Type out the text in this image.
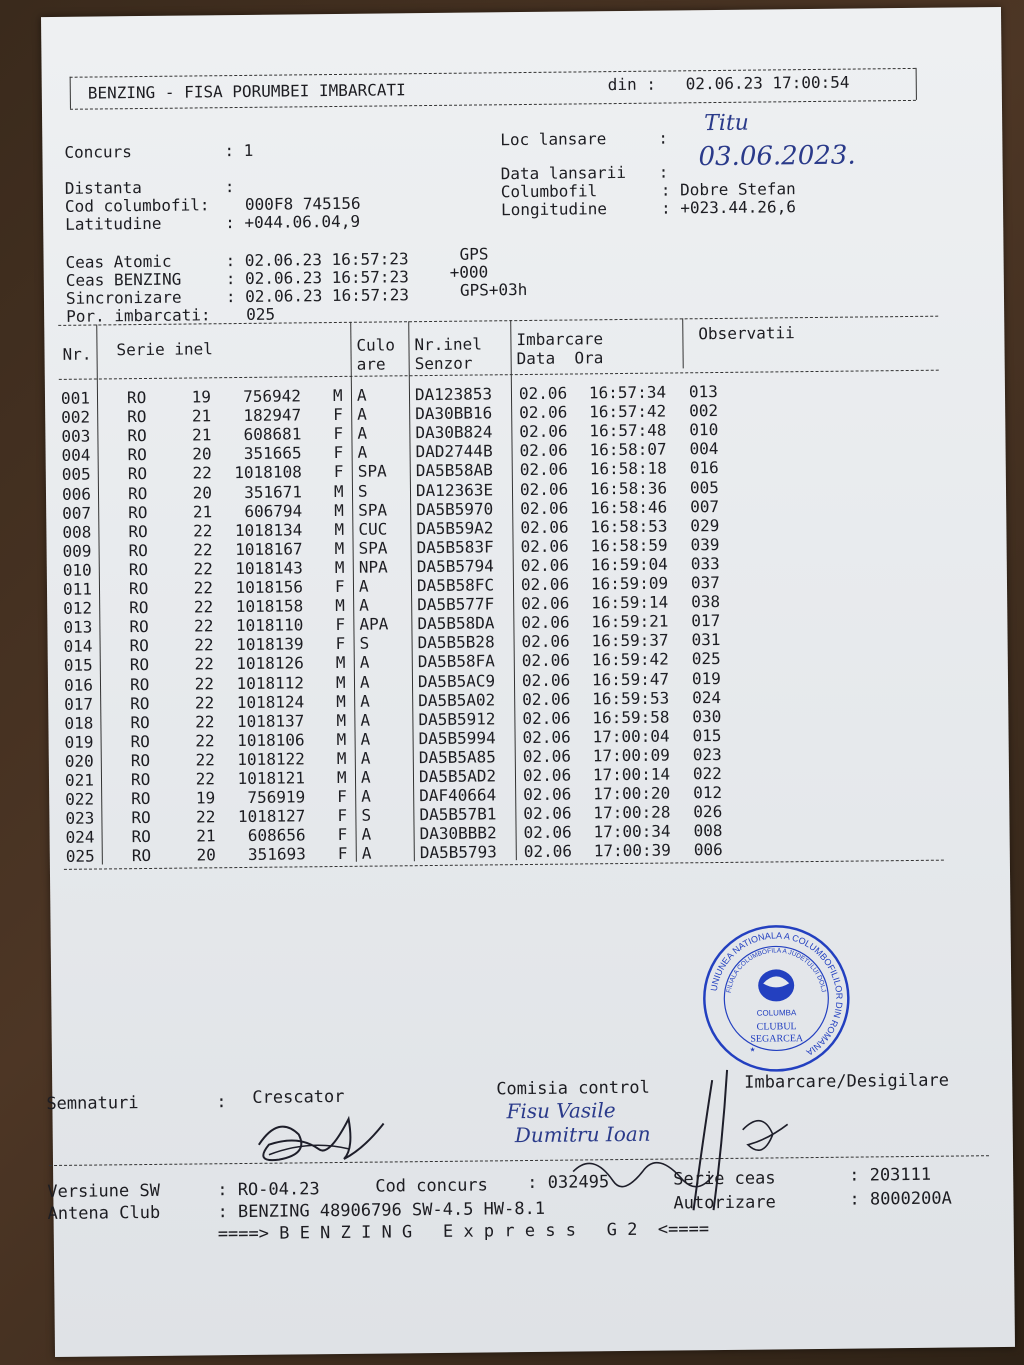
BENZING - FISA PORUMBEI IMBARCATI	din : 02.06.23 17:00:54
Concurs	: 1
Distanta	:
Cod columbofil: 000F8 745156
Latitudine	: +044.06.04,9
Loc lansare	:
Titu
Data lansarii : 03.06.2023.
Columbofil	: Dobre Stefan
Longitudine	: +023.44.26,6
Ceas Atomic	: 02.06.23 16:57:23	GPS
Ceas BENZING	: 02.06.23 16:57:23	+000
Sincronizare	: 02.06.23 16:57:23	GPS+03h
Por. imbarcati: 025
Nr. Serie inel	Culo
are
Nr.inel
Senzor
Imbarcare
Data  Ora
Observatii
001 RO	19	756942 M A	DA123853 02.06 16:57:34 013
002 RO	21	182947 F A	DA30BB16 02.06 16:57:42 002
003 RO	21	608681 F A	DA30B824 02.06 16:57:48 010
004 RO	20	351665 F A	DAD2744B 02.06 16:58:07 004
005 RO	22	1018108 F SPA DA5B58AB 02.06 16:58:18 016
006 RO	20	351671 M S	DA12363E 02.06 16:58:36 005
007 RO	21	606794 M SPA DA5B5970 02.06 16:58:46 007
008 RO	22	1018134 M CUC DA5B59A2 02.06 16:58:53 029
009 RO	22	1018167 M SPA DA5B583F 02.06 16:58:59 039
010 RO	22	1018143 M NPA DA5B5794 02.06 16:59:04 033
011 RO	22	1018156 F A	DA5B58FC 02.06 16:59:09 037
012 RO	22	1018158 M A	DA5B577F 02.06 16:59:14 038
013 RO	22	1018110 F APA DA5B58DA 02.06 16:59:21 017
014 RO	22	1018139 F S	DA5B5B28 02.06 16:59:37 031
015 RO	22	1018126 M A	DA5B58FA 02.06 16:59:42 025
016 RO	22	1018112 M A	DA5B5AC9 02.06 16:59:47 019
017 RO	22	1018124 M A	DA5B5A02 02.06 16:59:53 024
018 RO	22	1018137 M A	DA5B5912 02.06 16:59:58 030
019 RO	22	1018106 M A	DA5B5994 02.06 17:00:04 015
020 RO	22	1018122 M A	DA5B5A85 02.06 17:00:09 023
021 RO	22	1018121 M A	DA5B5AD2 02.06 17:00:14 022
022 RO	19	756919 F A	DAF40664 02.06 17:00:20 012
023 RO	22	1018127 F S	DA5B57B1 02.06 17:00:28 026
024 RO	21	608656 F A	DA30BBB2 02.06 17:00:34 008
025 RO	20	351693 F A	DA5B5793 02.06 17:00:39 006
UNIUNEA NATIONALA A COLUMBOFILILOR DIN ROMANIA
FILIALA COLUMBOFILA A JUDETULUI DOLJ
COLUMBA
CLUBUL
SEGARCEA
★
Semnaturi	: Crescator	Comisia control	Imbarcare/Desigilare
Fisu Vasile
Dumitru Ioan
Versiune SW	: RO-04.23	Cod concurs : 032495	Serie ceas	: 203111
Antena Club	: BENZING 48906796 SW-4.5 HW-8.1	Autorizare	: 8000200A
====> B E N Z I N G   E x p r e s s   G 2  <====
